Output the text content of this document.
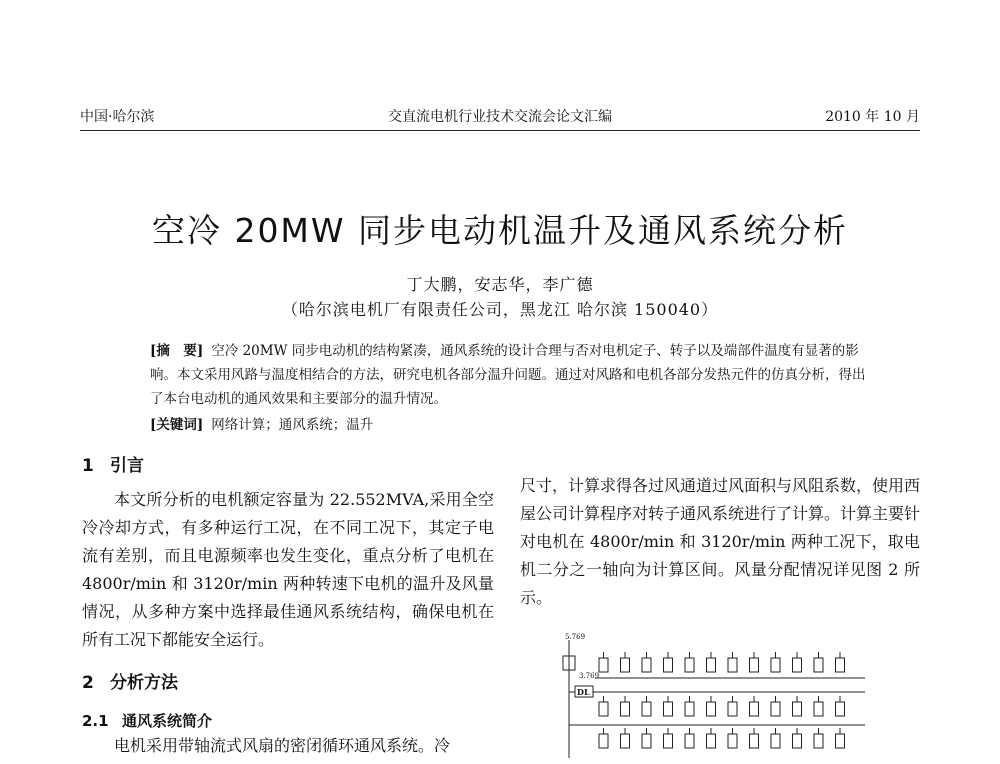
中国·哈尔滨	交直流电机行业技术交流会论文汇编	2010 年 10 月
空冷 20MW 同步电动机温升及通风系统分析
丁大鹏，安志华，李广德
（哈尔滨电机厂有限责任公司，黑龙江 哈尔滨 150040）
[摘　要] 空冷 20MW 同步电动机的结构紧凑，通风系统的设计合理与否对电机定子、转子以及端部件温度有显著的影响。本文采用风路与温度相结合的方法，研究电机各部分温升问题。通过对风路和电机各部分发热元件的仿真分析，得出了本台电动机的通风效果和主要部分的温升情况。
[关键词] 网络计算；通风系统；温升
1 引言

本文所分析的电机额定容量为 22.552MVA,采用全空冷冷却方式，有多种运行工况，在不同工况下，其定子电流有差别，而且电源频率也发生变化，重点分析了电机在 4800r/min 和 3120r/min 两种转速下电机的温升及风量情况，从多种方案中选择最佳通风系统结构，确保电机在所有工况下都能安全运行。

2 分析方法
2.1 通风系统简介

电机采用带轴流式风扇的密闭循环通风系统。冷

尺寸，计算求得各过风通道过风面积与风阻系数，使用西屋公司计算程序对转子通风系统进行了计算。计算主要针对电机在 4800r/min 和 3120r/min 两种工况下，取电机二分之一轴向为计算区间。风量分配情况详见图 2 所示。

5.769
3.769
DL
